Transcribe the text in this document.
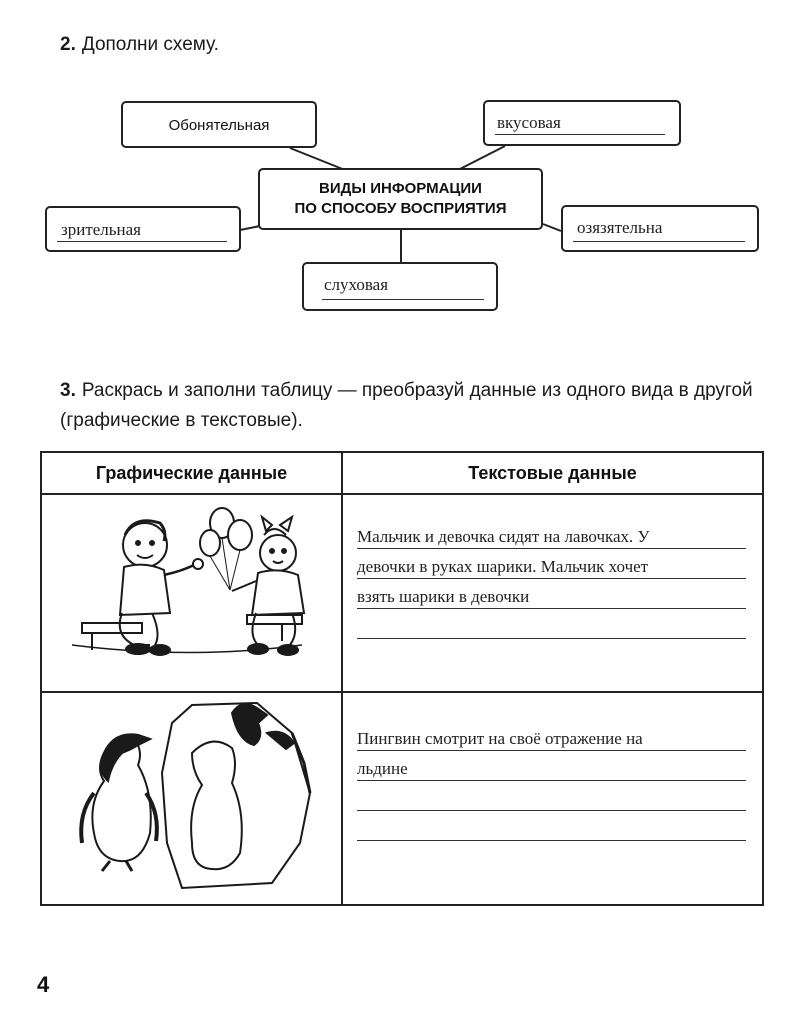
2. Дополни схему.
Обонятельная	вкусовая
ВИДЫ ИНФОРМАЦИИ
ПО СПОСОБУ ВОСПРИЯТИЯ
зрительная	озязятельна
слуховая
3. Раскрась и заполни таблицу — преобразуй данные из одного вида в другой (графические в текстовые).
Графические данные	Текстовые данные

Мальчик и девочка сидят на лавочках. У
девочки в руках шарики. Мальчик хочет
взять шарики в девочки

Пингвин смотрит на своё отражение на
льдине
4
